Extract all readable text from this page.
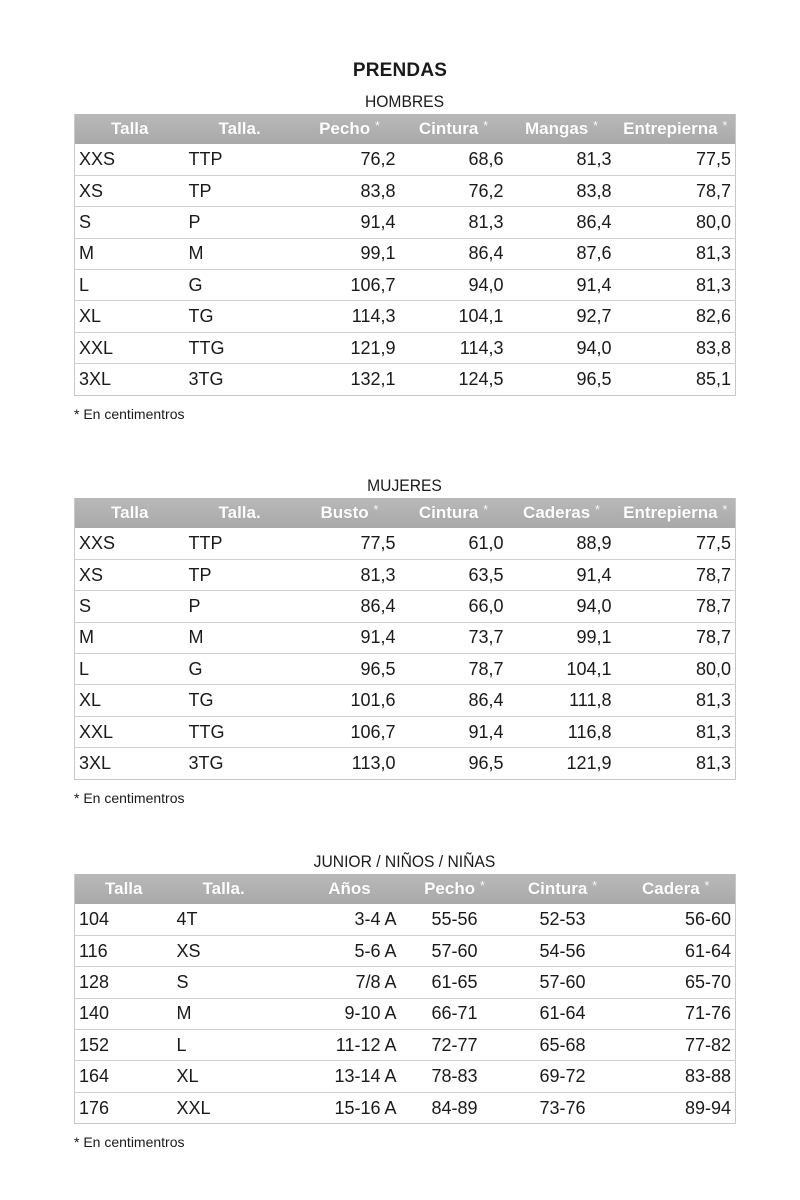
PRENDAS
HOMBRES
Talla	Talla.	Pecho *	Cintura *	Mangas *	Entrepierna *
XXS	TTP	76,2	68,6	81,3	77,5
XS	TP	83,8	76,2	83,8	78,7
S	P	91,4	81,3	86,4	80,0
M	M	99,1	86,4	87,6	81,3
L	G	106,7	94,0	91,4	81,3
XL	TG	114,3	104,1	92,7	82,6
XXL	TTG	121,9	114,3	94,0	83,8
3XL	3TG	132,1	124,5	96,5	85,1
* En centimentros
MUJERES
Talla	Talla.	Busto *	Cintura *	Caderas *	Entrepierna *
XXS	TTP	77,5	61,0	88,9	77,5
XS	TP	81,3	63,5	91,4	78,7
S	P	86,4	66,0	94,0	78,7
M	M	91,4	73,7	99,1	78,7
L	G	96,5	78,7	104,1	80,0
XL	TG	101,6	86,4	111,8	81,3
XXL	TTG	106,7	91,4	116,8	81,3
3XL	3TG	113,0	96,5	121,9	81,3
* En centimentros
JUNIOR / NIÑOS / NIÑAS
Talla	Talla.	Años	Pecho *	Cintura *	Cadera *
104	4T	3-4 A	55-56	52-53	56-60
116	XS	5-6 A	57-60	54-56	61-64
128	S	7/8 A	61-65	57-60	65-70
140	M	9-10 A	66-71	61-64	71-76
152	L	11-12 A	72-77	65-68	77-82
164	XL	13-14 A	78-83	69-72	83-88
176	XXL	15-16 A	84-89	73-76	89-94
* En centimentros
